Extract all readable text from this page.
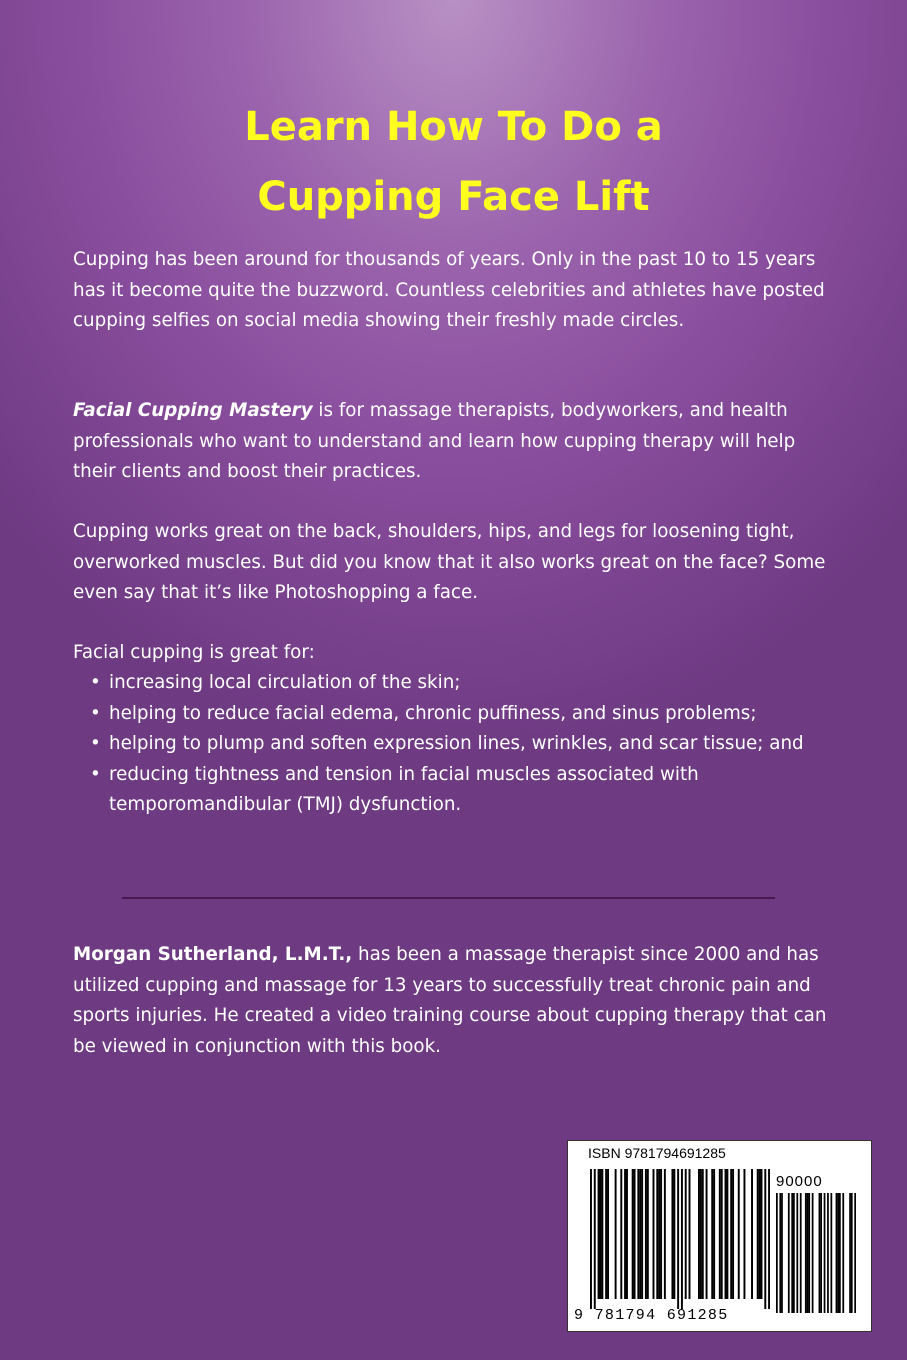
Learn How To Do a
Cupping Face Lift

Cupping has been around for thousands of years. Only in the past 10 to 15 years has it become quite the buzzword. Countless celebrities and athletes have posted cupping selfies on social media showing their freshly made circles.

Facial Cupping Mastery is for massage therapists, bodyworkers, and health professionals who want to understand and learn how cupping therapy will help their clients and boost their practices.

Cupping works great on the back, shoulders, hips, and legs for loosening tight, overworked muscles. But did you know that it also works great on the face? Some even say that it’s like Photoshopping a face.

Facial cupping is great for:

• increasing local circulation of the skin;
• helping to reduce facial edema, chronic puffiness, and sinus problems;
• helping to plump and soften expression lines, wrinkles, and scar tissue; and
• reducing tightness and tension in facial muscles associated with temporomandibular (TMJ) dysfunction.

Morgan Sutherland, L.M.T., has been a massage therapist since 2000 and has utilized cupping and massage for 13 years to successfully treat chronic pain and sports injuries. He created a video training course about cupping therapy that can be viewed in conjunction with this book.

ISBN 9781794691285
90000
9 781794 691285
